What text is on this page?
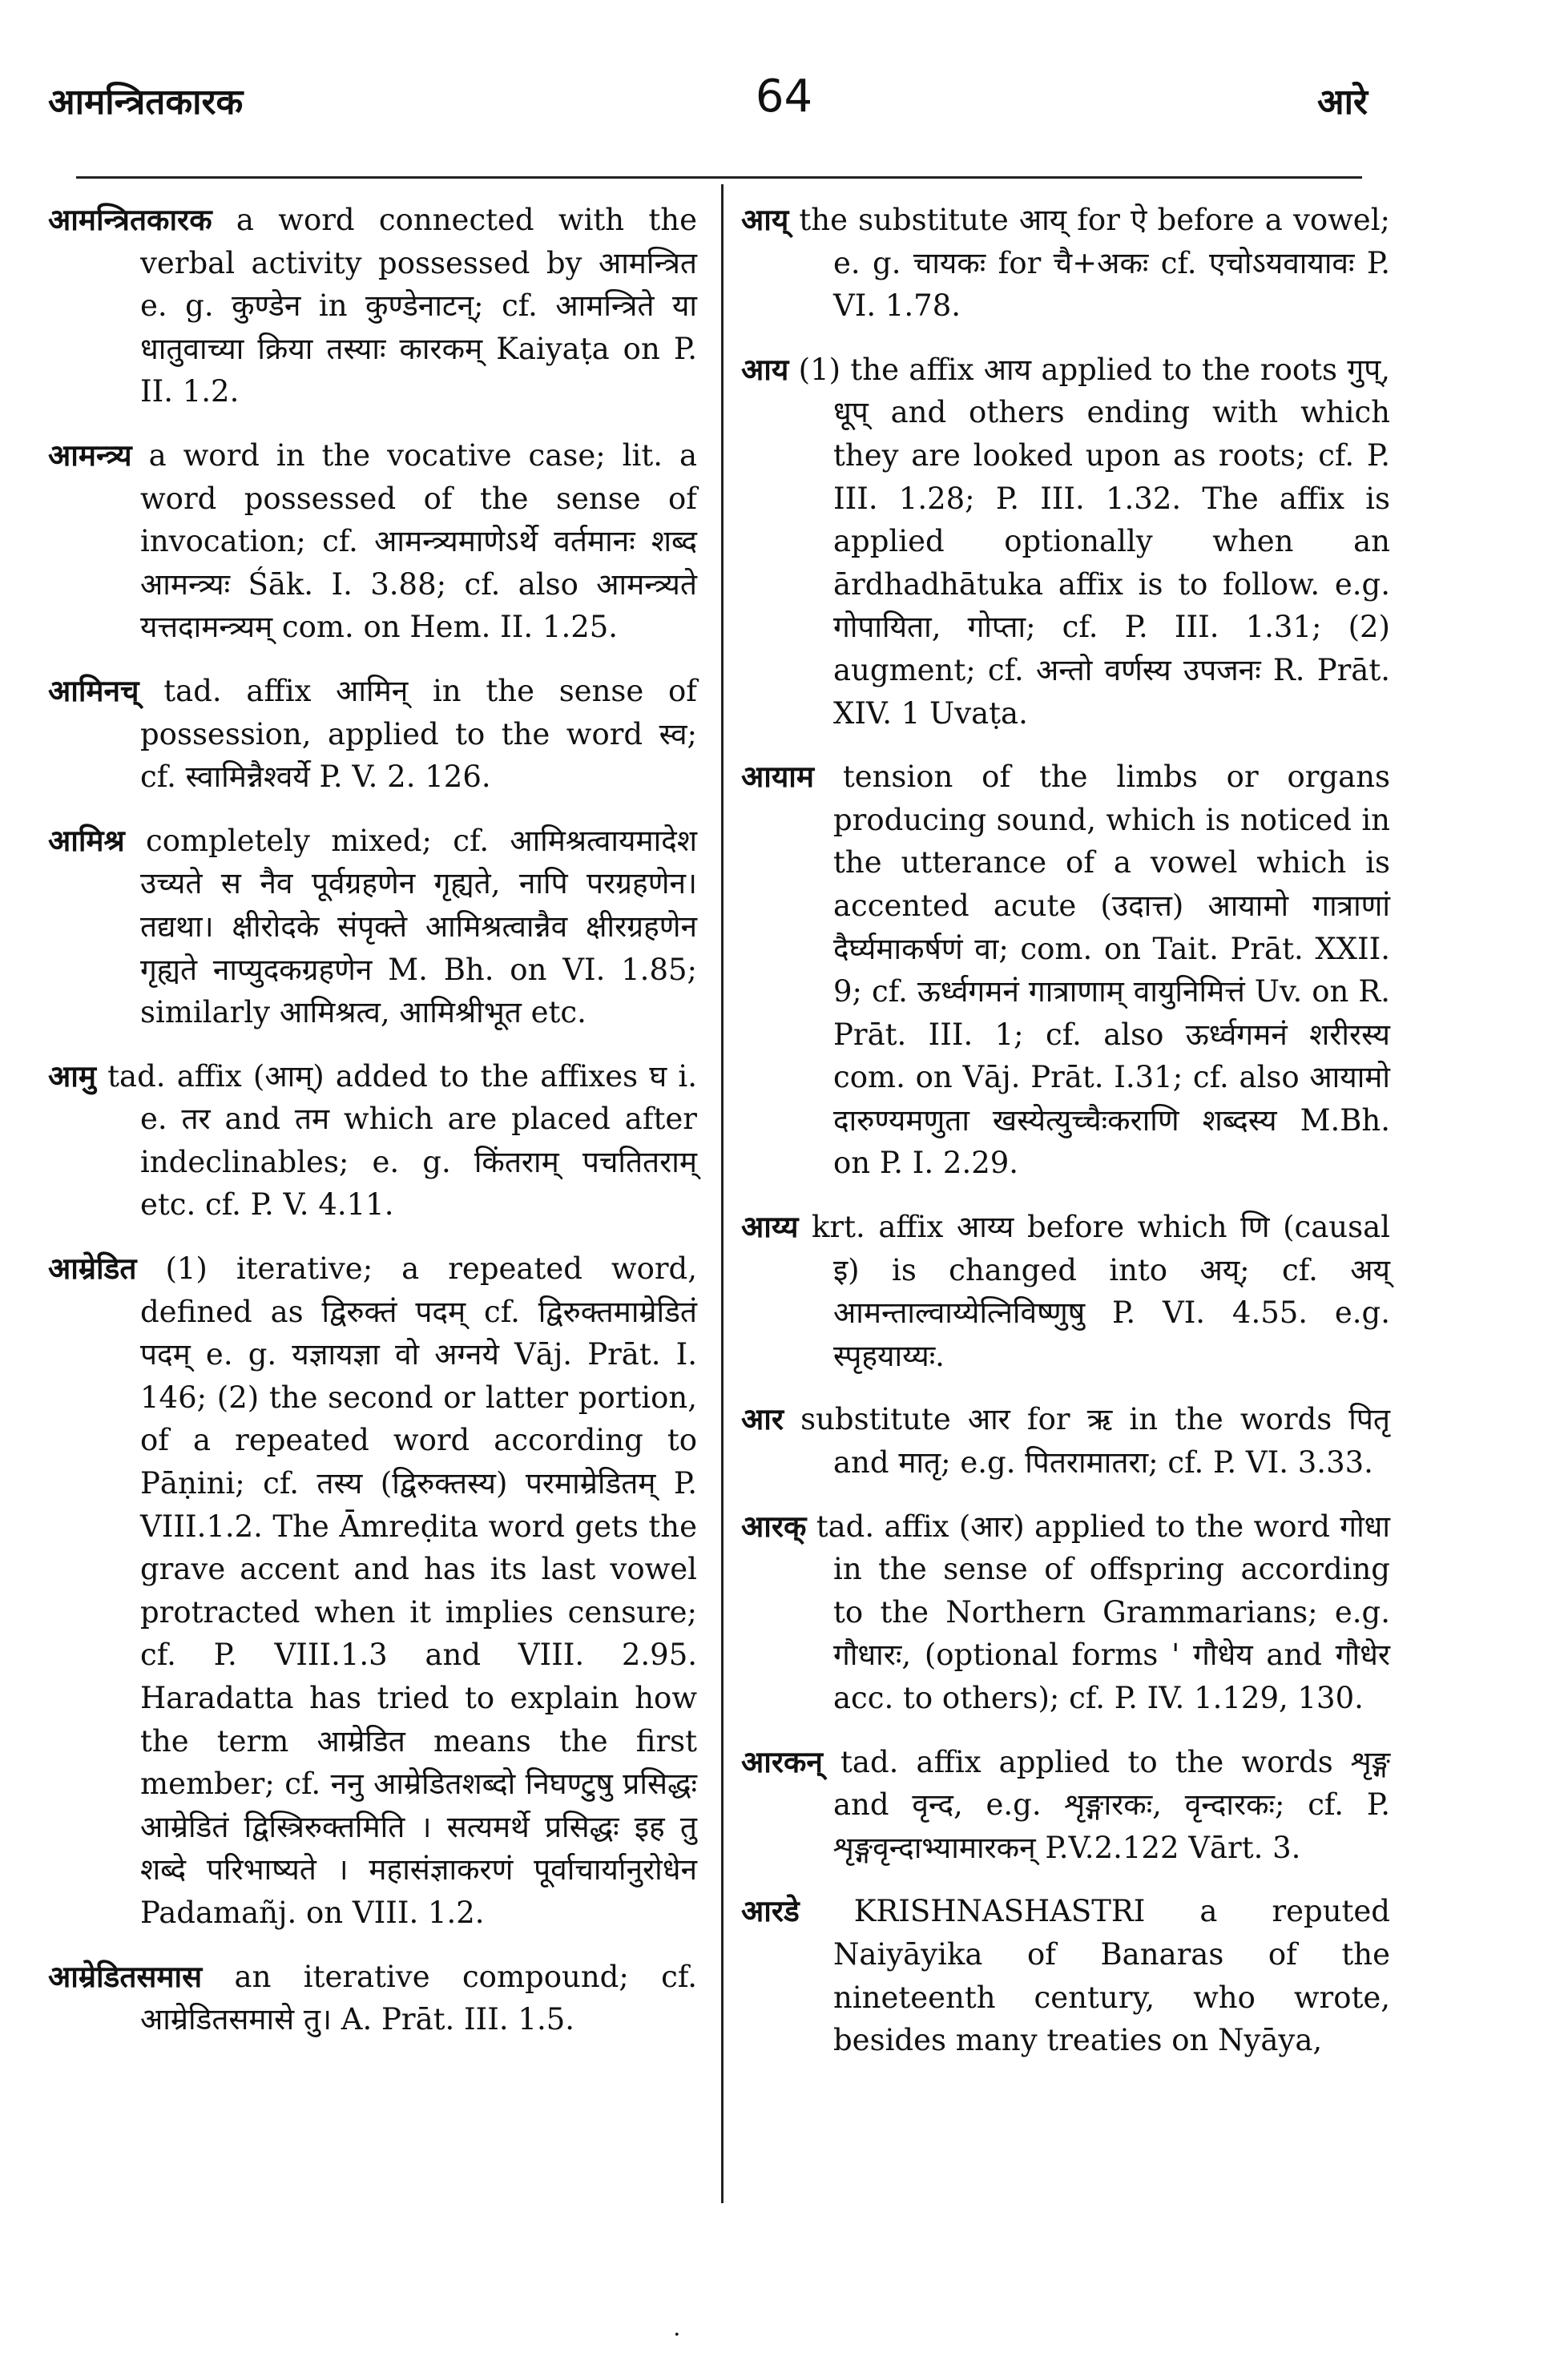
आमन्त्रितकारक	64	आरे
आमन्त्रितकारक a word connected with the verbal activity possessed by आमन्त्रित e. g. कुण्डेन in कुण्डेनाटन्; cf. आमन्त्रिते या धातुवाच्या क्रिया तस्याः कारकम् Kaiyaṭa on P. II. 1.2.
आमन्त्र्य a word in the vocative case; lit. a word possessed of the sense of invocation; cf. आमन्त्र्यमाणेऽर्थे वर्तमानः शब्द आमन्त्र्यः Śāk. I. 3.88; cf. also आमन्त्र्यते यत्तदामन्त्र्यम् com. on Hem. II. 1.25.
आमिनच् tad. affix आमिन् in the sense of possession, applied to the word स्व; cf. स्वामिन्नैश्वर्ये P. V. 2. 126.
आमिश्र completely mixed; cf. आमिश्रत्वायमादेश उच्यते स नैव पूर्वग्रहणेन गृह्यते, नापि परग्रहणेन। तद्यथा। क्षीरोदके संपृक्ते आमिश्रत्वान्नैव क्षीरग्रहणेन गृह्यते नाप्युदकग्रहणेन M. Bh. on VI. 1.85; similarly आमिश्रत्व, आमिश्रीभूत etc.
आमु tad. affix (आम्) added to the affixes घ i. e. तर and तम which are placed after indeclinables; e. g. किंतराम् पचतितराम् etc. cf. P. V. 4.11.
आम्रेडित (1) iterative; a repeated word, defined as द्विरुक्तं पदम् cf. द्विरुक्तमाम्रेडितं पदम् e. g. यज्ञायज्ञा वो अग्नये Vāj. Prāt. I. 146; (2) the second or latter portion, of a repeated word according to Pāṇini; cf. तस्य (द्विरुक्तस्य) परमाम्रेडितम् P. VIII.1.2. The Āmreḍita word gets the grave accent and has its last vowel protracted when it implies censure; cf. P. VIII.1.3 and VIII. 2.95. Haradatta has tried to explain how the term आम्रेडित means the first member; cf. ननु आम्रेडितशब्दो निघण्टुषु प्रसिद्धः आम्रेडितं द्विस्त्रिरुक्तमिति । सत्यमर्थे प्रसिद्धः इह तु शब्दे परिभाष्यते । महासंज्ञाकरणं पूर्वाचार्यानुरोधेन Padamañj. on VIII. 1.2.
आम्रेडितसमास an iterative compound; cf. आम्रेडितसमासे तु। A. Prāt. III. 1.5.
आय् the substitute आय् for ऐ before a vowel; e. g. चायकः for चै+अकः cf. एचोऽयवायावः P. VI. 1.78.
आय (1) the affix आय applied to the roots गुप्, धूप् and others ending with which they are looked upon as roots; cf. P. III. 1.28; P. III. 1.32. The affix is applied optionally when an ārdhadhātuka affix is to follow. e.g. गोपायिता, गोप्ता; cf. P. III. 1.31; (2) augment; cf. अन्तो वर्णस्य उपजनः R. Prāt. XIV. 1 Uvaṭa.
आयाम tension of the limbs or organs producing sound, which is noticed in the utterance of a vowel which is accented acute (उदात्त) आयामो गात्राणां दैर्घ्यमाकर्षणं वा; com. on Tait. Prāt. XXII. 9; cf. ऊर्ध्वगमनं गात्राणाम् वायुनिमित्तं Uv. on R. Prāt. III. 1; cf. also ऊर्ध्वगमनं शरीरस्य com. on Vāj. Prāt. I.31; cf. also आयामो दारुण्यमणुता खस्येत्युच्चैःकराणि शब्दस्य M.Bh. on P. I. 2.29.
आय्य krt. affix आय्य before which णि (causal इ) is changed into अय्; cf. अय् आमन्ताल्वाय्येत्निविष्णुषु P. VI. 4.55. e.g. स्पृहयाय्यः.
आर substitute आर for ऋ in the words पितृ and मातृ; e.g. पितरामातरा; cf. P. VI. 3.33.
आरक् tad. affix (आर) applied to the word गोधा in the sense of offspring according to the Northern Grammarians; e.g. गौधारः, (optional forms ' गौधेय and गौधेर acc. to others); cf. P. IV. 1.129, 130.
आरकन् tad. affix applied to the words शृङ्ग and वृन्द, e.g. शृङ्गारकः, वृन्दारकः; cf. P. शृङ्गवृन्दाभ्यामारकन् P.V.2.122 Vārt. 3.
आरडे KRISHNASHASTRI a reputed Naiyāyika of Banaras of the nineteenth century, who wrote, besides many treaties on Nyāya,
.
